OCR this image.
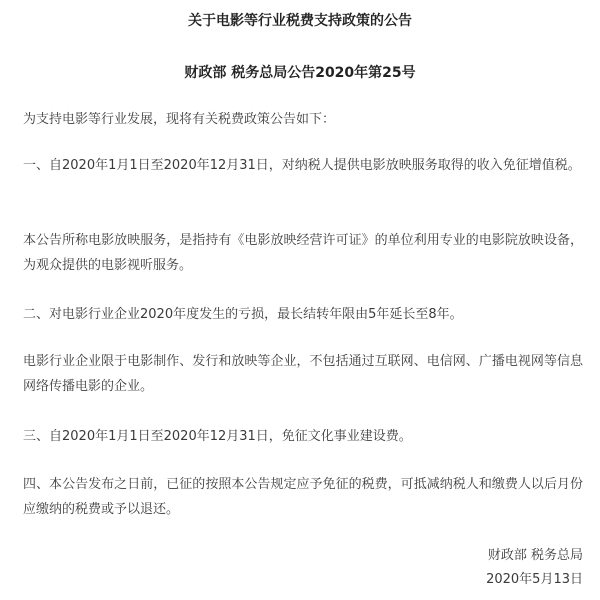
关于电影等行业税费支持政策的公告
财政部 税务总局公告2020年第25号
为支持电影等行业发展，现将有关税费政策公告如下：
一、自2020年1月1日至2020年12月31日，对纳税人提供电影放映服务取得的收入免征增值税。
本公告所称电影放映服务，是指持有《电影放映经营许可证》的单位利用专业的电影院放映设备，为观众提供的电影视听服务。
二、对电影行业企业2020年度发生的亏损，最长结转年限由5年延长至8年。
电影行业企业限于电影制作、发行和放映等企业，不包括通过互联网、电信网、广播电视网等信息网络传播电影的企业。
三、自2020年1月1日至2020年12月31日，免征文化事业建设费。
四、本公告发布之日前，已征的按照本公告规定应予免征的税费，可抵减纳税人和缴费人以后月份应缴纳的税费或予以退还。
财政部 税务总局
2020年5月13日
